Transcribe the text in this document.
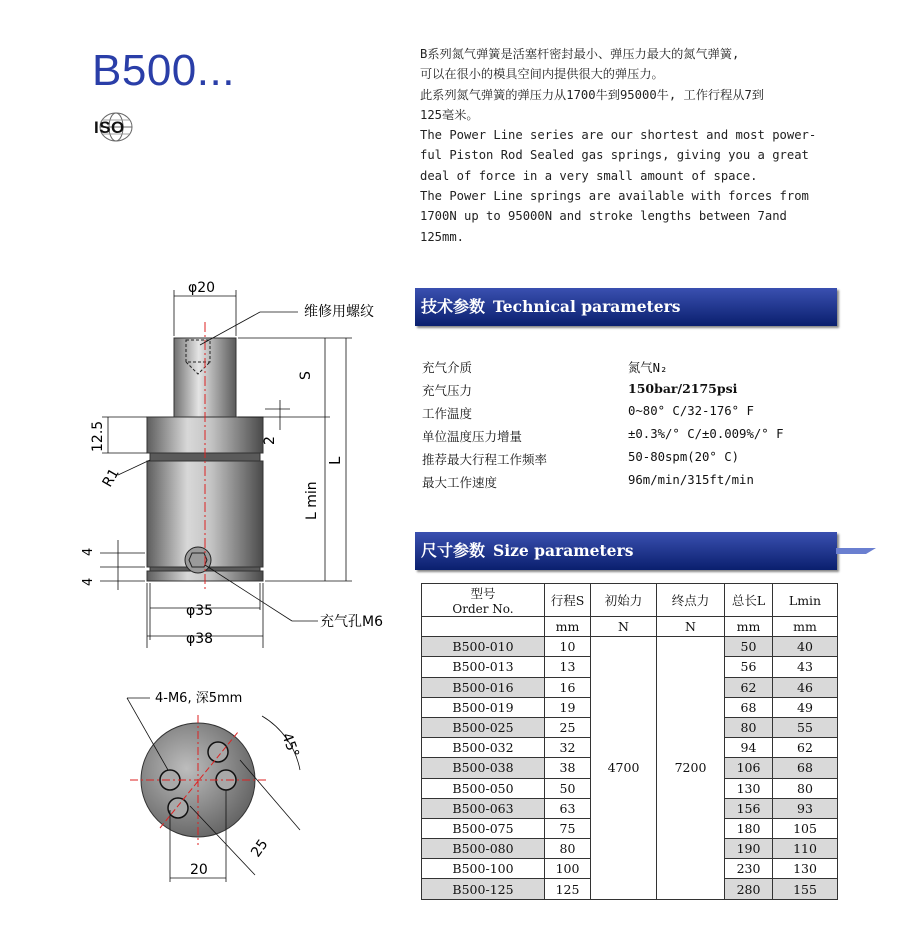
B500...
ISO
B系列氮气弹簧是活塞杆密封最小、弹压力最大的氮气弹簧,
可以在很小的模具空间内提供很大的弹压力。
此系列氮气弹簧的弹压力从1700牛到95000牛, 工作行程从7到
125毫米。
The Power Line series are our shortest and most power-
ful Piston Rod Sealed gas springs, giving you a great
deal of force in a very small amount of space.
The Power Line springs are available with forces from
1700N up to 95000N and stroke lengths between 7and
125mm.
技术参数 Technical parameters
充气介质	氮气N₂
充气压力	150bar/2175psi
工作温度	0~80° C/32-176° F
单位温度压力增量	±0.3%/° C/±0.009%/° F
推荐最大行程工作频率	50-80spm(20° C)
最大工作速度	96m/min/315ft/min
尺寸参数 Size parameters
型号
Order No.	行程S	初始力	终点力	总长L	Lmin
	mm	N	N	mm	mm
B500-010	10	4700	7200	50	40
B500-013	13			56	43
B500-016	16			62	46
B500-019	19			68	49
B500-025	25			80	55
B500-032	32			94	62
B500-038	38			106	68
B500-050	50			130	80
B500-063	63			156	93
B500-075	75			180	105
B500-080	80			190	110
B500-100	100			230	130
B500-125	125			280	155
φ20
维修用螺纹
S
L
L min
2
12.5
R1
4
4
φ35
φ38
充气孔M6
4-M6, 深5mm
45°
25
20
